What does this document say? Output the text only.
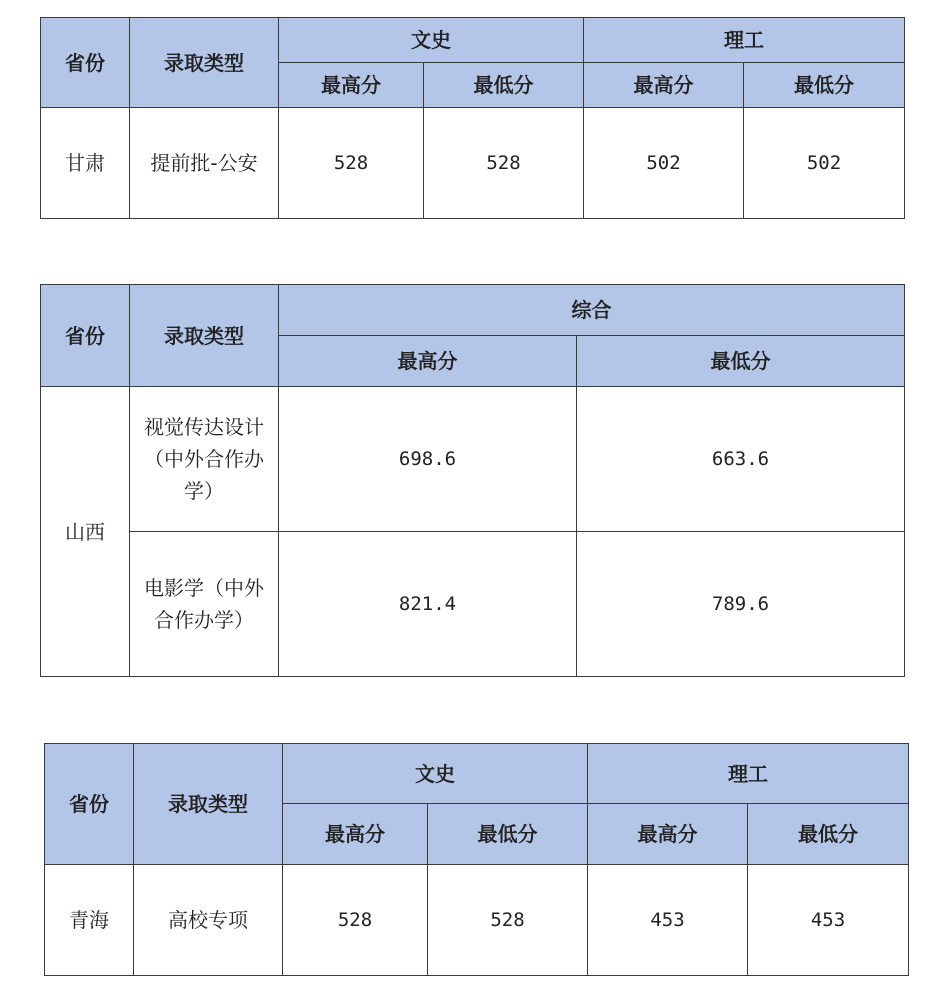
省份	录取类型	文史		理工	
		最高分	最低分	最高分	最低分
甘肃	提前批-公安	528	528	502	502
省份	录取类型	综合	
		最高分	最低分
山西	视觉传达设计（中外合作办学）	698.6	663.6
	电影学（中外合作办学）	821.4	789.6
省份	录取类型	文史		理工	
		最高分	最低分	最高分	最低分
青海	高校专项	528	528	453	453
